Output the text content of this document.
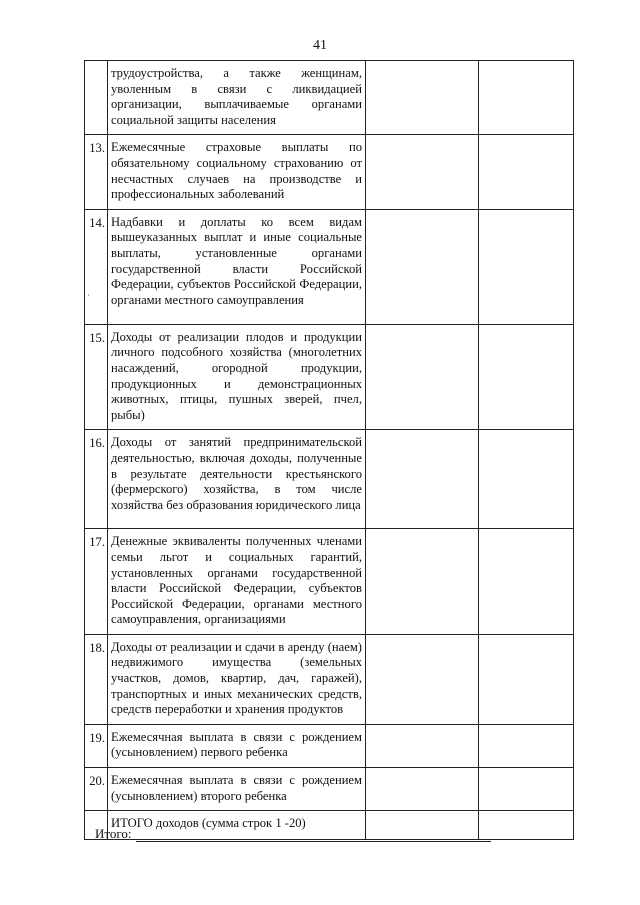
41
	трудоустройства, а также женщинам, уволенным в связи с ликвидацией организации, выплачиваемые органами социальной защиты населения		
13.	Ежемесячные страховые выплаты по обязательному социальному страхованию от несчастных случаев на производстве и профессиональных заболеваний		
14.	Надбавки и доплаты ко всем видам вышеуказанных выплат и иные социальные выплаты, установленные органами государственной власти Российской Федерации, субъектов Российской Федерации, органами местного самоуправления		
15.	Доходы от реализации плодов и продукции личного подсобного хозяйства (многолетних насаждений, огородной продукции, продукционных и демонстрационных животных, птицы, пушных зверей, пчел, рыбы)		
16.	Доходы от занятий предпринимательской деятельностью, включая доходы, полученные в результате деятельности крестьянского (фермерского) хозяйства, в том числе хозяйства без образования юридического лица		
17.	Денежные эквиваленты полученных членами семьи льгот и социальных гарантий, установленных органами государственной власти Российской Федерации, субъектов Российской Федерации, органами местного самоуправления, организациями		
18.	Доходы от реализации и сдачи в аренду (наем) недвижимого имущества (земельных участков, домов, квартир, дач, гаражей), транспортных и иных механических средств, средств переработки и хранения продуктов		
19.	Ежемесячная выплата в связи с рождением (усыновлением) первого ребенка		
20.	Ежемесячная выплата в связи с рождением (усыновлением) второго ребенка		
	ИТОГО доходов (сумма строк 1 -20)		
·
Итого:
